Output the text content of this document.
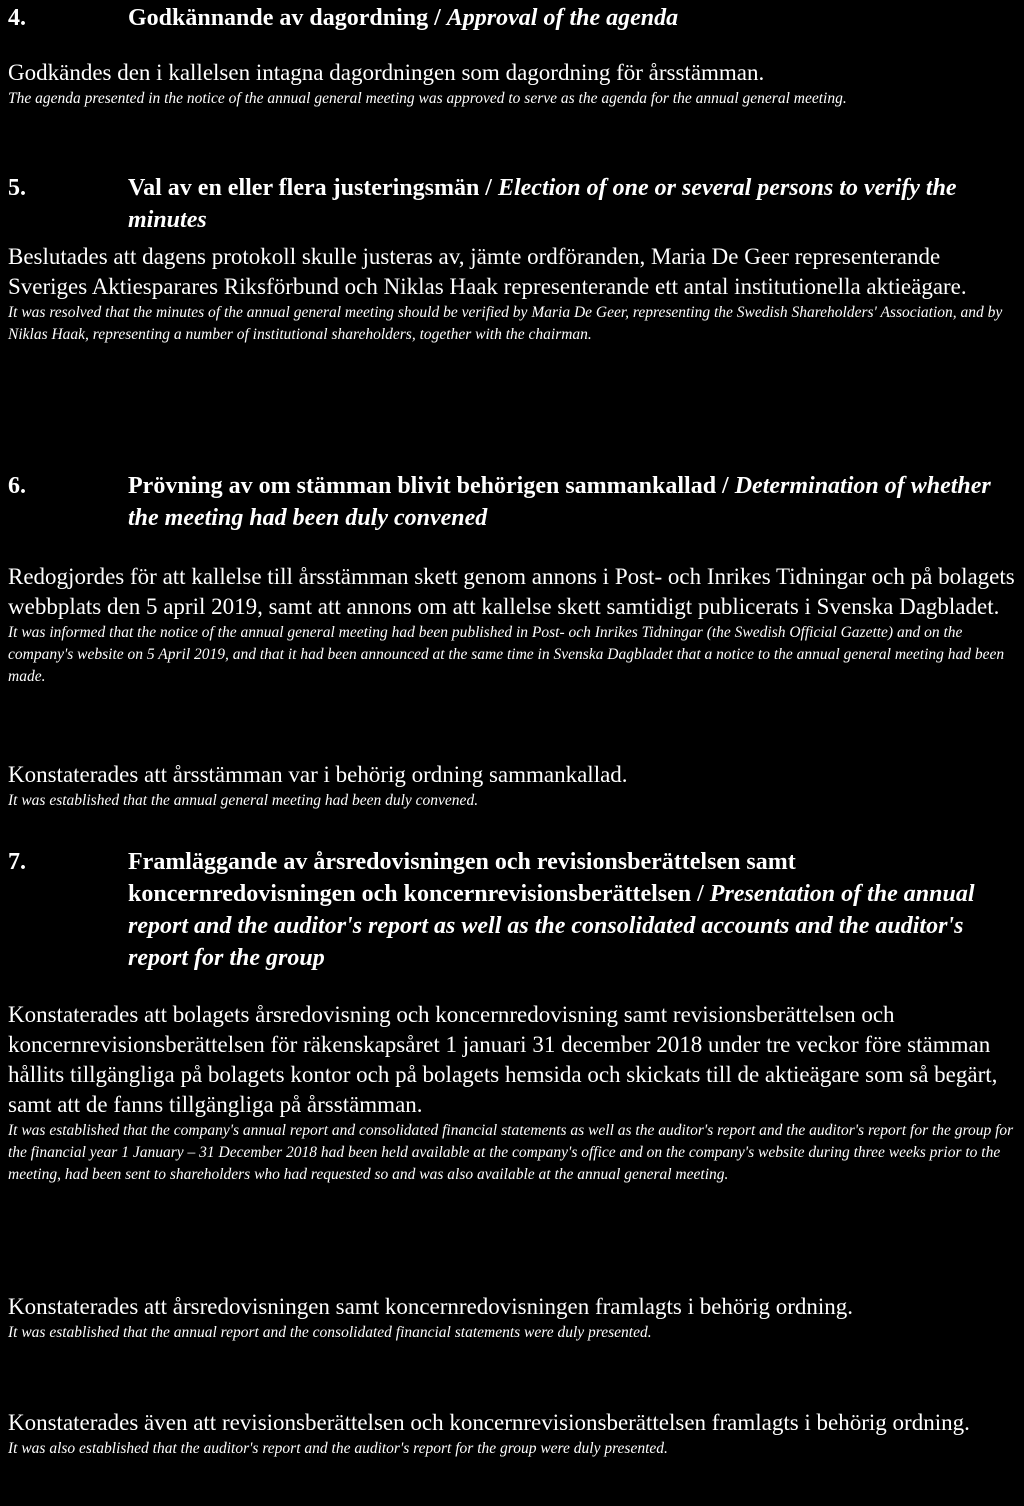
4.	Godkännande av dagordning / Approval of the agenda

Godkändes den i kallelsen intagna dagordningen som dagordning för årsstämman.

The agenda presented in the notice of the annual general meeting was approved to serve as the agenda for the annual general meeting.

5.	Val av en eller flera justeringsmän / Election of one or several persons to verify the minutes

Beslutades att dagens protokoll skulle justeras av, jämte ordföranden, Maria De Geer representerande Sveriges Aktiesparares Riksförbund och Niklas Haak representerande ett antal institutionella aktieägare.

It was resolved that the minutes of the annual general meeting should be verified by Maria De Geer, representing the Swedish Shareholders' Association, and by Niklas Haak, representing a number of institutional shareholders, together with the chairman.

6.	Prövning av om stämman blivit behörigen sammankallad / Determination of whether the meeting had been duly convened

Redogjordes för att kallelse till årsstämman skett genom annons i Post- och Inrikes Tidningar och på bolagets webbplats den 5 april 2019, samt att annons om att kallelse skett samtidigt publicerats i Svenska Dagbladet.

It was informed that the notice of the annual general meeting had been published in Post- och Inrikes Tidningar (the Swedish Official Gazette) and on the company's website on 5 April 2019, and that it had been announced at the same time in Svenska Dagbladet that a notice to the annual general meeting had been made.

Konstaterades att årsstämman var i behörig ordning sammankallad.

It was established that the annual general meeting had been duly convened.

7.	Framläggande av årsredovisningen och revisionsberättelsen samt koncernredovisningen och koncernrevisionsberättelsen / Presentation of the annual report and the auditor's report as well as the consolidated accounts and the auditor's report for the group

Konstaterades att bolagets årsredovisning och koncernredovisning samt revisionsberättelsen och koncernrevisionsberättelsen för räkenskapsåret 1 januari 31 december 2018 under tre veckor före stämman hållits tillgängliga på bolagets kontor och på bolagets hemsida och skickats till de aktieägare som så begärt, samt att de fanns tillgängliga på årsstämman.

It was established that the company's annual report and consolidated financial statements as well as the auditor's report and the auditor's report for the group for the financial year 1 January – 31 December 2018 had been held available at the company's office and on the company's website during three weeks prior to the meeting, had been sent to shareholders who had requested so and was also available at the annual general meeting.

Konstaterades att årsredovisningen samt koncernredovisningen framlagts i behörig ordning.

It was established that the annual report and the consolidated financial statements were duly presented.

Konstaterades även att revisionsberättelsen och koncernrevisionsberättelsen framlagts i behörig ordning.

It was also established that the auditor's report and the auditor's report for the group were duly presented.
